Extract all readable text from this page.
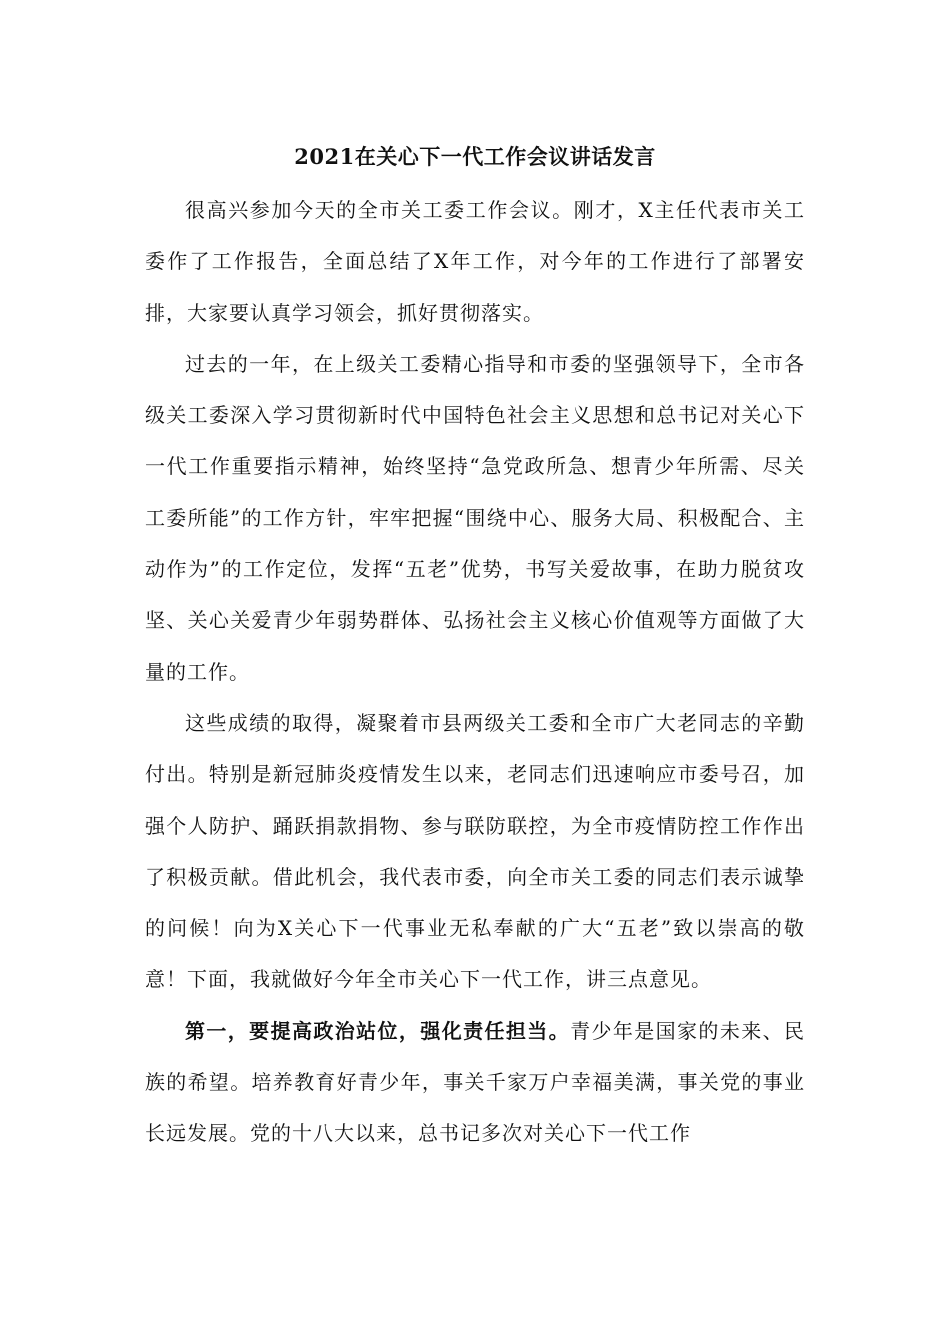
2021在关心下一代工作会议讲话发言

很高兴参加今天的全市关工委工作会议。刚才，X主任代表市关工委作了工作报告，全面总结了X年工作，对今年的工作进行了部署安排，大家要认真学习领会，抓好贯彻落实。

过去的一年，在上级关工委精心指导和市委的坚强领导下，全市各级关工委深入学习贯彻新时代中国特色社会主义思想和总书记对关心下一代工作重要指示精神，始终坚持“急党政所急、想青少年所需、尽关工委所能”的工作方针，牢牢把握“围绕中心、服务大局、积极配合、主动作为”的工作定位，发挥“五老”优势，书写关爱故事，在助力脱贫攻坚、关心关爱青少年弱势群体、弘扬社会主义核心价值观等方面做了大量的工作。

这些成绩的取得，凝聚着市县两级关工委和全市广大老同志的辛勤付出。特别是新冠肺炎疫情发生以来，老同志们迅速响应市委号召，加强个人防护、踊跃捐款捐物、参与联防联控，为全市疫情防控工作作出了积极贡献。借此机会，我代表市委，向全市关工委的同志们表示诚挚的问候！向为X关心下一代事业无私奉献的广大“五老”致以崇高的敬意！下面，我就做好今年全市关心下一代工作，讲三点意见。

第一，要提高政治站位，强化责任担当。青少年是国家的未来、民族的希望。培养教育好青少年，事关千家万户幸福美满，事关党的事业长远发展。党的十八大以来，总书记多次对关心下一代工作
